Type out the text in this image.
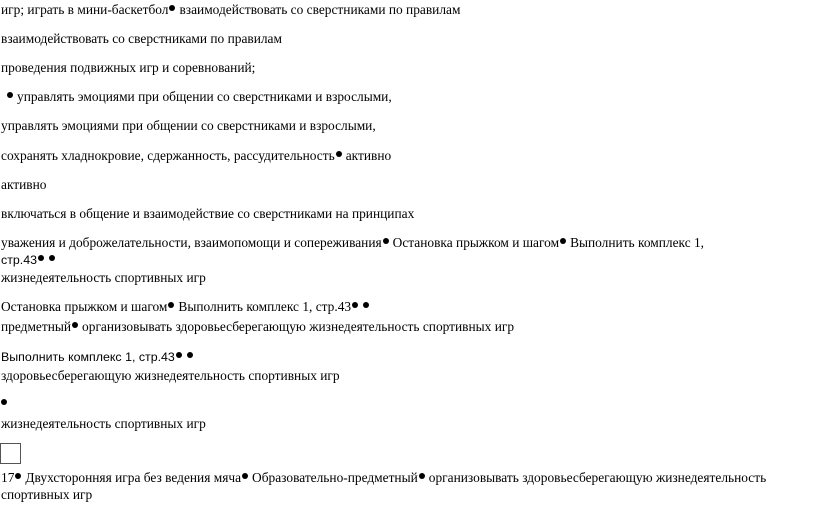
игр; играть в мини-баскетбол взаимодействовать со сверстниками по правилам
взаимодействовать со сверстниками по правилам
проведения подвижных игр и соревнований;
управлять эмоциями при общении со сверстниками и взрослыми,
управлять эмоциями при общении со сверстниками и взрослыми,
сохранять хладнокровие, сдержанность, рассудительность активно
активно
включаться в общение и взаимодействие со сверстниками на принципах
уважения и доброжелательности, взаимопомощи и сопереживания Остановка прыжком и шагом Выполнить комплекс 1,
стр.43
жизнедеятельность спортивных игр
Остановка прыжком и шагом Выполнить комплекс 1, стр.43
предметный организовывать здоровьесберегающую жизнедеятельность спортивных игр
Выполнить комплекс 1, стр.43
здоровьесберегающую жизнедеятельность спортивных игр
жизнедеятельность спортивных игр
17 Двухсторонняя игра без ведения мяча Образовательно-предметный организовывать здоровьесберегающую жизнедеятельность
спортивных игр
